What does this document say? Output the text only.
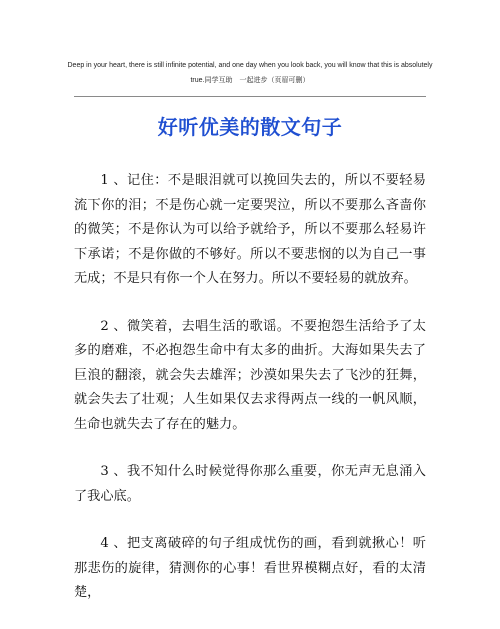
Deep in your heart, there is still infinite potential, and one day when you look back, you will know that this is absolutely true.同学互助　一起进步（页眉可删）
好听优美的散文句子

1 、记住：不是眼泪就可以挽回失去的，所以不要轻易流下你的泪；不是伤心就一定要哭泣，所以不要那么吝啬你的微笑；不是你认为可以给予就给予，所以不要那么轻易许下承诺；不是你做的不够好。所以不要悲悯的以为自己一事无成；不是只有你一个人在努力。所以不要轻易的就放弃。

2 、微笑着，去唱生活的歌谣。不要抱怨生活给予了太多的磨难，不必抱怨生命中有太多的曲折。大海如果失去了巨浪的翻滚，就会失去雄浑；沙漠如果失去了飞沙的狂舞，就会失去了壮观；人生如果仅去求得两点一线的一帆风顺，生命也就失去了存在的魅力。

3 、我不知什么时候觉得你那么重要，你无声无息涌入了我心底。

4 、把支离破碎的句子组成忧伤的画，看到就揪心！听那悲伤的旋律，猜测你的心事！看世界模糊点好，看的太清楚，
